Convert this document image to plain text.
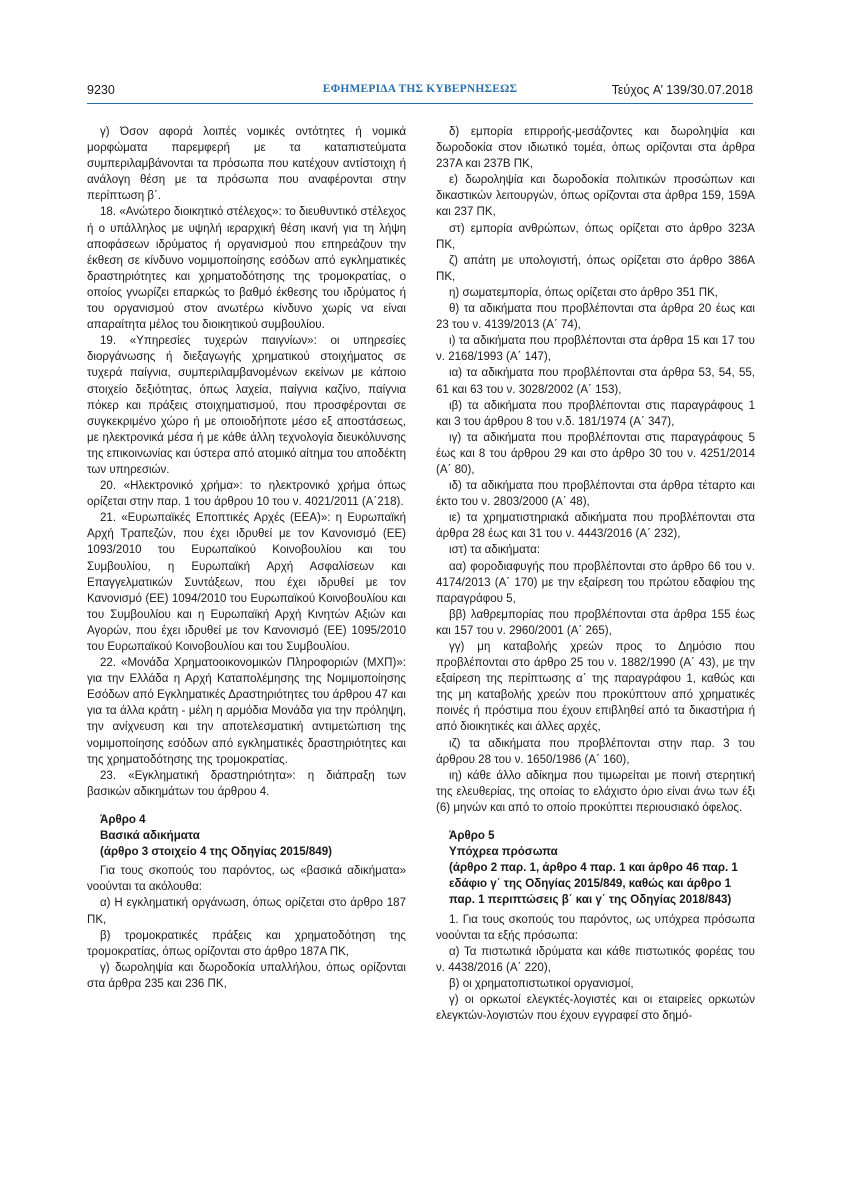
9230	ΕΦΗΜΕΡΙΔΑ ΤΗΣ ΚΥΒΕΡΝΗΣΕΩΣ	Τεύχος A’ 139/30.07.2018

γ) Όσον αφορά λοιπές νομικές οντότητες ή νομικά μορφώματα παρεμφερή με τα καταπιστεύματα συμπεριλαμβάνονται τα πρόσωπα που κατέχουν αντίστοιχη ή ανάλογη θέση με τα πρόσωπα που αναφέρονται στην περίπτωση β΄.

18. «Ανώτερο διοικητικό στέλεχος»: το διευθυντικό στέλεχος ή ο υπάλληλος με υψηλή ιεραρχική θέση ικανή για τη λήψη αποφάσεων ιδρύματος ή οργανισμού που επηρεάζουν την έκθεση σε κίνδυνο νομιμοποίησης εσόδων από εγκληματικές δραστηριότητες και χρηματοδότησης της τρομοκρατίας, ο οποίος γνωρίζει επαρκώς το βαθμό έκθεσης του ιδρύματος ή του οργανισμού στον ανωτέρω κίνδυνο χωρίς να είναι απαραίτητα μέλος του διοικητικού συμβουλίου.

19. «Υπηρεσίες τυχερών παιγνίων»: οι υπηρεσίες διοργάνωσης ή διεξαγωγής χρηματικού στοιχήματος σε τυχερά παίγνια, συμπεριλαμβανομένων εκείνων με κάποιο στοιχείο δεξιότητας, όπως λαχεία, παίγνια καζίνο, παίγνια πόκερ και πράξεις στοιχηματισμού, που προσφέρονται σε συγκεκριμένο χώρο ή με οποιοδήποτε μέσο εξ αποστάσεως, με ηλεκτρονικά μέσα ή με κάθε άλλη τεχνολογία διευκόλυνσης της επικοινωνίας και ύστερα από ατομικό αίτημα του αποδέκτη των υπηρεσιών.

20. «Ηλεκτρονικό χρήμα»: το ηλεκτρονικό χρήμα όπως ορίζεται στην παρ. 1 του άρθρου 10 του ν. 4021/2011 (Α΄218).

21. «Ευρωπαϊκές Εποπτικές Αρχές (ΕΕΑ)»: η Ευρωπαϊκή Αρχή Τραπεζών, που έχει ιδρυθεί με τον Κανονισμό (ΕΕ) 1093/2010 του Ευρωπαϊκού Κοινοβουλίου και του Συμβουλίου, η Ευρωπαϊκή Αρχή Ασφαλίσεων και Επαγγελματικών Συντάξεων, που έχει ιδρυθεί με τον Κανονισμό (ΕΕ) 1094/2010 του Ευρωπαϊκού Κοινοβουλίου και του Συμβουλίου και η Ευρωπαϊκή Αρχή Κινητών Αξιών και Αγορών, που έχει ιδρυθεί με τον Κανονισμό (ΕΕ) 1095/2010 του Ευρωπαϊκού Κοινοβουλίου και του Συμβουλίου.

22. «Μονάδα Χρηματοοικονομικών Πληροφοριών (ΜΧΠ)»: για την Ελλάδα η Αρχή Καταπολέμησης της Νομιμοποίησης Εσόδων από Εγκληματικές Δραστηριότητες του άρθρου 47 και για τα άλλα κράτη - μέλη η αρμόδια Μονάδα για την πρόληψη, την ανίχνευση και την αποτελεσματική αντιμετώπιση της νομιμοποίησης εσόδων από εγκληματικές δραστηριότητες και της χρηματοδότησης της τρομοκρατίας.

23. «Εγκληματική δραστηριότητα»: η διάπραξη των βασικών αδικημάτων του άρθρου 4.

Άρθρο 4
Βασικά αδικήματα
(άρθρο 3 στοιχείο 4 της Οδηγίας 2015/849)

Για τους σκοπούς του παρόντος, ως «βασικά αδικήματα» νοούνται τα ακόλουθα:

α) Η εγκληματική οργάνωση, όπως ορίζεται στο άρθρο 187 ΠΚ,

β) τρομοκρατικές πράξεις και χρηματοδότηση της τρομοκρατίας, όπως ορίζονται στο άρθρο 187Α ΠΚ,

γ) δωροληψία και δωροδοκία υπαλλήλου, όπως ορίζονται στα άρθρα 235 και 236 ΠΚ,

δ) εμπορία επιρροής-μεσάζοντες και δωροληψία και δωροδοκία στον ιδιωτικό τομέα, όπως ορίζονται στα άρθρα 237Α και 237Β ΠΚ,

ε) δωροληψία και δωροδοκία πολιτικών προσώπων και δικαστικών λειτουργών, όπως ορίζονται στα άρθρα 159, 159Α και 237 ΠΚ,

στ) εμπορία ανθρώπων, όπως ορίζεται στο άρθρο 323Α ΠΚ,

ζ) απάτη με υπολογιστή, όπως ορίζεται στο άρθρο 386Α ΠΚ,

η) σωματεμπορία, όπως ορίζεται στο άρθρο 351 ΠΚ,

θ) τα αδικήματα που προβλέπονται στα άρθρα 20 έως και 23 του ν. 4139/2013 (Α΄ 74),

ι) τα αδικήματα που προβλέπονται στα άρθρα 15 και 17 του ν. 2168/1993 (Α΄ 147),

ια) τα αδικήματα που προβλέπονται στα άρθρα 53, 54, 55, 61 και 63 του ν. 3028/2002 (Α΄ 153),

ιβ) τα αδικήματα που προβλέπονται στις παραγράφους 1 και 3 του άρθρου 8 του ν.δ. 181/1974 (Α΄ 347),

ιγ) τα αδικήματα που προβλέπονται στις παραγράφους 5 έως και 8 του άρθρου 29 και στο άρθρο 30 του ν. 4251/2014 (Α΄ 80),

ιδ) τα αδικήματα που προβλέπονται στα άρθρα τέταρτο και έκτο του ν. 2803/2000 (Α΄ 48),

ιε) τα χρηματιστηριακά αδικήματα που προβλέπονται στα άρθρα 28 έως και 31 του ν. 4443/2016 (Α΄ 232),

ιστ) τα αδικήματα:

αα) φοροδιαφυγής που προβλέπονται στο άρθρο 66 του ν. 4174/2013 (Α΄ 170) με την εξαίρεση του πρώτου εδαφίου της παραγράφου 5,

ββ) λαθρεμπορίας που προβλέπονται στα άρθρα 155 έως και 157 του ν. 2960/2001 (Α΄ 265),

γγ) μη καταβολής χρεών προς το Δημόσιο που προβλέπονται στο άρθρο 25 του ν. 1882/1990 (Α΄ 43), με την εξαίρεση της περίπτωσης α΄ της παραγράφου 1, καθώς και της μη καταβολής χρεών που προκύπτουν από χρηματικές ποινές ή πρόστιμα που έχουν επιβληθεί από τα δικαστήρια ή από διοικητικές και άλλες αρχές,

ιζ) τα αδικήματα που προβλέπονται στην παρ. 3 του άρθρου 28 του ν. 1650/1986 (Α΄ 160),

ιη) κάθε άλλο αδίκημα που τιμωρείται με ποινή στερητική της ελευθερίας, της οποίας το ελάχιστο όριο είναι άνω των έξι (6) μηνών και από το οποίο προκύπτει περιουσιακό όφελος.

Άρθρο 5
Υπόχρεα πρόσωπα
(άρθρο 2 παρ. 1, άρθρο 4 παρ. 1 και άρθρο 46 παρ. 1 εδάφιο γ΄ της Οδηγίας 2015/849, καθώς και άρθρο 1 παρ. 1 περιπτώσεις β΄ και γ΄ της Οδηγίας 2018/843)

1. Για τους σκοπούς του παρόντος, ως υπόχρεα πρόσωπα νοούνται τα εξής πρόσωπα:

α) Τα πιστωτικά ιδρύματα και κάθε πιστωτικός φορέας του ν. 4438/2016 (Α΄ 220),

β) οι χρηματοπιστωτικοί οργανισμοί,

γ) οι ορκωτοί ελεγκτές-λογιστές και οι εταιρείες ορκωτών ελεγκτών-λογιστών που έχουν εγγραφεί στο δημό-
